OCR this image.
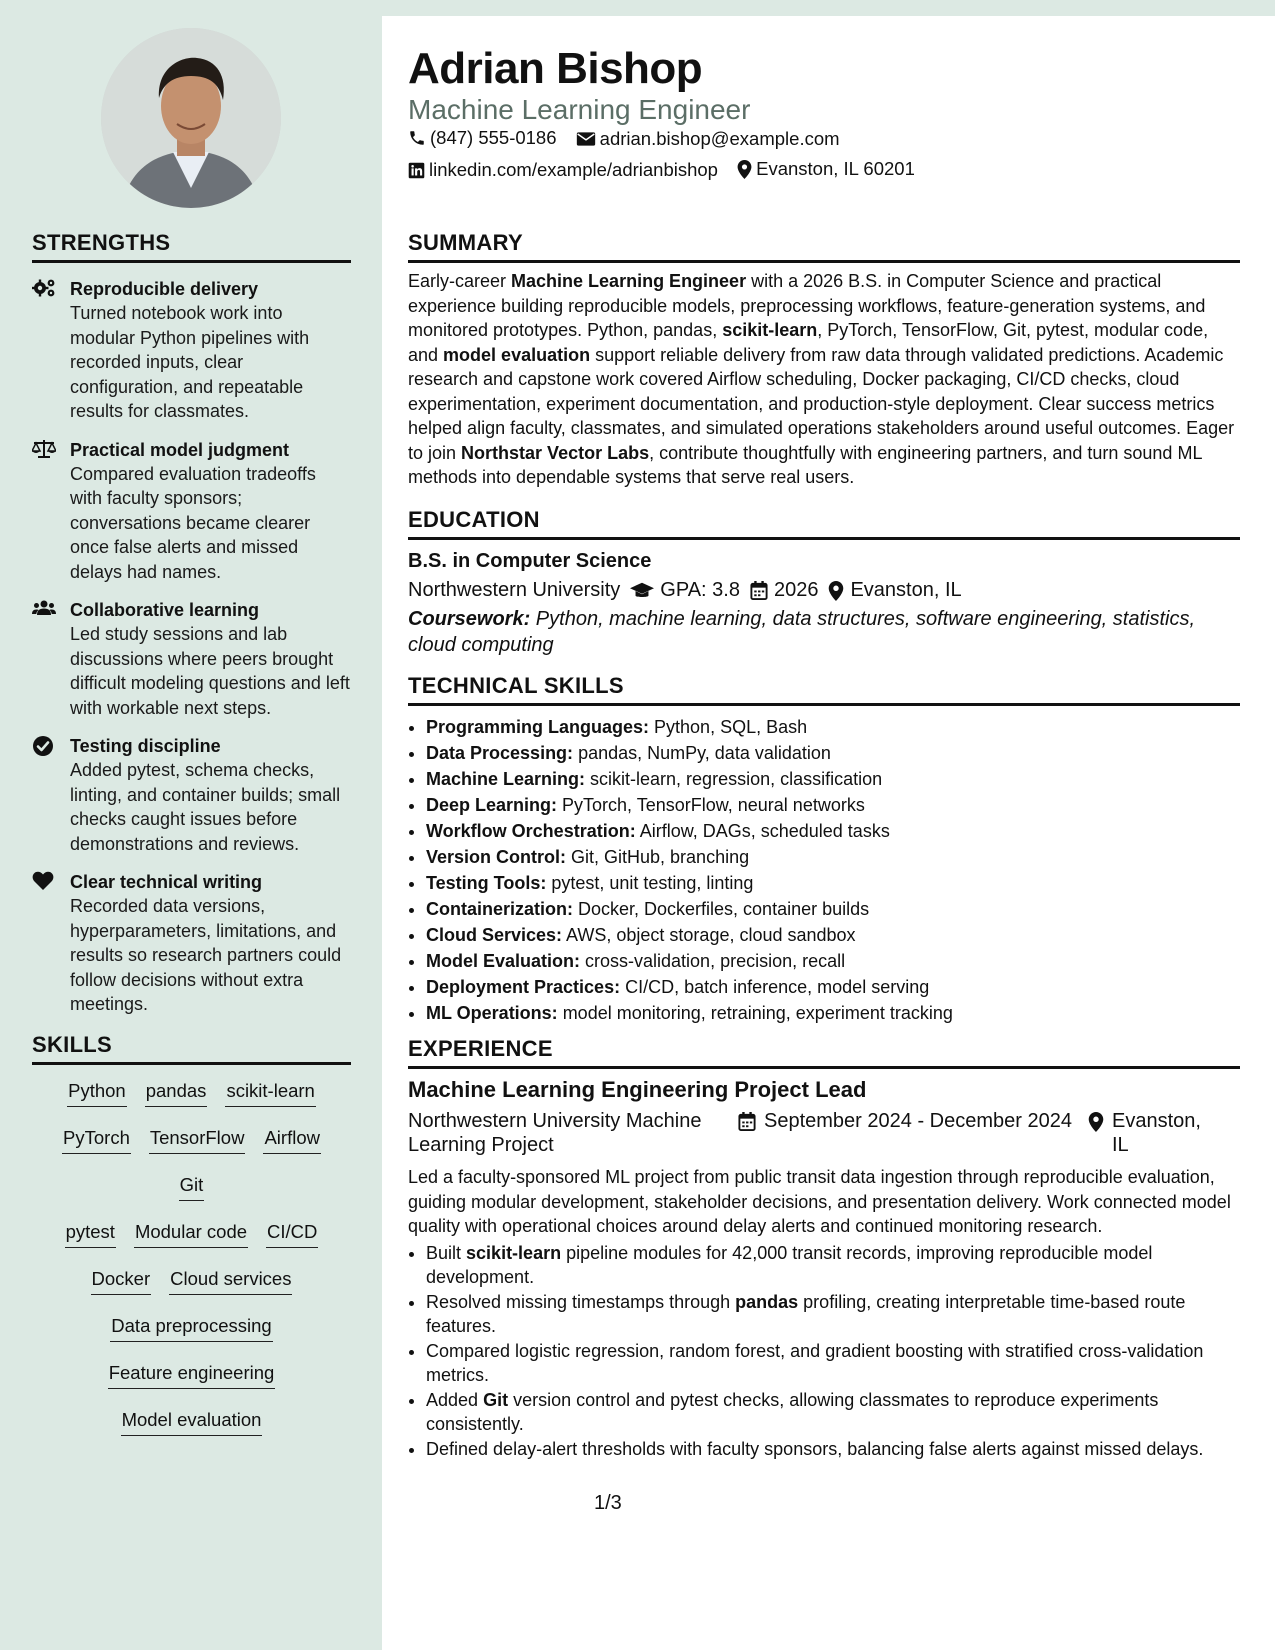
STRENGTHS
Reproducible delivery
Turned notebook work into modular Python pipelines with recorded inputs, clear configuration, and repeatable results for classmates.
Practical model judgment
Compared evaluation tradeoffs with faculty sponsors; conversations became clearer once false alerts and missed delays had names.
Collaborative learning
Led study sessions and lab discussions where peers brought difficult modeling questions and left with workable next steps.
Testing discipline
Added pytest, schema checks, linting, and container builds; small checks caught issues before demonstrations and reviews.
Clear technical writing
Recorded data versions, hyperparameters, limitations, and results so research partners could follow decisions without extra meetings.
SKILLS
Python pandas scikit-learn
PyTorch TensorFlow AirflowGit
pytest Modular code CI/CD
Docker Cloud services
Data preprocessing
Feature engineering
Model evaluation
Adrian Bishop
Machine Learning Engineer
(847) 555-0186
adrian.bishop@example.com
linkedin.com/example/adrianbishop
Evanston, IL 60201
SUMMARY
Early-career Machine Learning Engineer with a 2026 B.S. in Computer Science and practical experience building reproducible models, preprocessing workflows, feature-generation systems, and monitored prototypes. Python, pandas, scikit-learn, PyTorch, TensorFlow, Git, pytest, modular code, and model evaluation support reliable delivery from raw data through validated predictions. Academic research and capstone work covered Airflow scheduling, Docker packaging, CI/CD checks, cloud experimentation, experiment documentation, and production-style deployment. Clear success metrics helped align faculty, classmates, and simulated operations stakeholders around useful outcomes. Eager to join Northstar Vector Labs, contribute thoughtfully with engineering partners, and turn sound ML methods into dependable systems that serve real users.
EDUCATION
B.S. in Computer Science
Northwestern University GPA: 3.8 2026 Evanston, IL
Coursework: Python, machine learning, data structures, software engineering, statistics, cloud computing
TECHNICAL SKILLS
• Programming Languages: Python, SQL, Bash
• Data Processing: pandas, NumPy, data validation
• Machine Learning: scikit-learn, regression, classification
• Deep Learning: PyTorch, TensorFlow, neural networks
• Workflow Orchestration: Airflow, DAGs, scheduled tasks
• Version Control: Git, GitHub, branching
• Testing Tools: pytest, unit testing, linting
• Containerization: Docker, Dockerfiles, container builds
• Cloud Services: AWS, object storage, cloud sandbox
• Model Evaluation: cross-validation, precision, recall
• Deployment Practices: CI/CD, batch inference, model serving
• ML Operations: model monitoring, retraining, experiment tracking
EXPERIENCE
Machine Learning Engineering Project Lead
Northwestern University Machine Learning Project
September 2024 - December 2024 Evanston, IL
Led a faculty-sponsored ML project from public transit data ingestion through reproducible evaluation, guiding modular development, stakeholder decisions, and presentation delivery. Work connected model quality with operational choices around delay alerts and continued monitoring research.
• Built scikit-learn pipeline modules for 42,000 transit records, improving reproducible model development.
• Resolved missing timestamps through pandas profiling, creating interpretable time-based route features.
• Compared logistic regression, random forest, and gradient boosting with stratified cross-validation metrics.
• Added Git version control and pytest checks, allowing classmates to reproduce experiments consistently.
• Defined delay-alert thresholds with faculty sponsors, balancing false alerts against missed delays.
1/3
